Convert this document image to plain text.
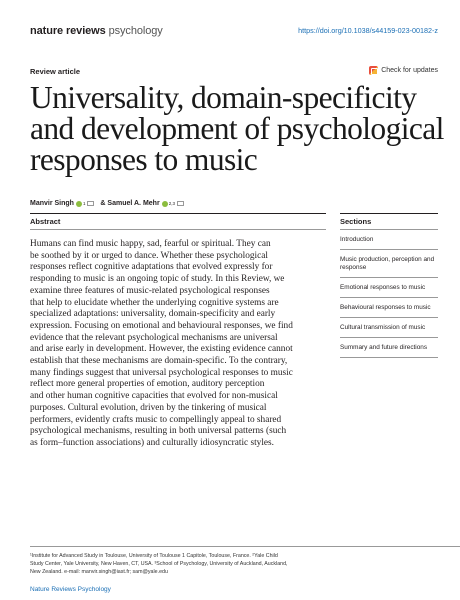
nature reviews psychology	https://doi.org/10.1038/s44159-023-00182-z
Review article	Check for updates
Universality, domain-specificity
and development of psychological
responses to music
Manvir Singh 1 & Samuel A. Mehr 2,3
Abstract	Sections
Humans can find music happy, sad, fearful or spiritual. They can
be soothed by it or urged to dance. Whether these psychological
responses reflect cognitive adaptations that evolved expressly for
responding to music is an ongoing topic of study. In this Review, we
examine three features of music-related psychological responses
that help to elucidate whether the underlying cognitive systems are
specialized adaptations: universality, domain-specificity and early
expression. Focusing on emotional and behavioural responses, we find
evidence that the relevant psychological mechanisms are universal
and arise early in development. However, the existing evidence cannot
establish that these mechanisms are domain-specific. To the contrary,
many findings suggest that universal psychological responses to music
reflect more general properties of emotion, auditory perception
and other human cognitive capacities that evolved for non-musical
purposes. Cultural evolution, driven by the tinkering of musical
performers, evidently crafts music to compellingly appeal to shared
psychological mechanisms, resulting in both universal patterns (such
as form–function associations) and culturally idiosyncratic styles.
Introduction
Music production, perception and response
Emotional responses to music
Behavioural responses to music
Cultural transmission of music
Summary and future directions
¹Institute for Advanced Study in Toulouse, University of Toulouse 1 Capitole, Toulouse, France. ²Yale Child
Study Center, Yale University, New Haven, CT, USA. ³School of Psychology, University of Auckland, Auckland,
New Zealand. e-mail: manvir.singh@iast.fr; sam@yale.edu
Nature Reviews Psychology
